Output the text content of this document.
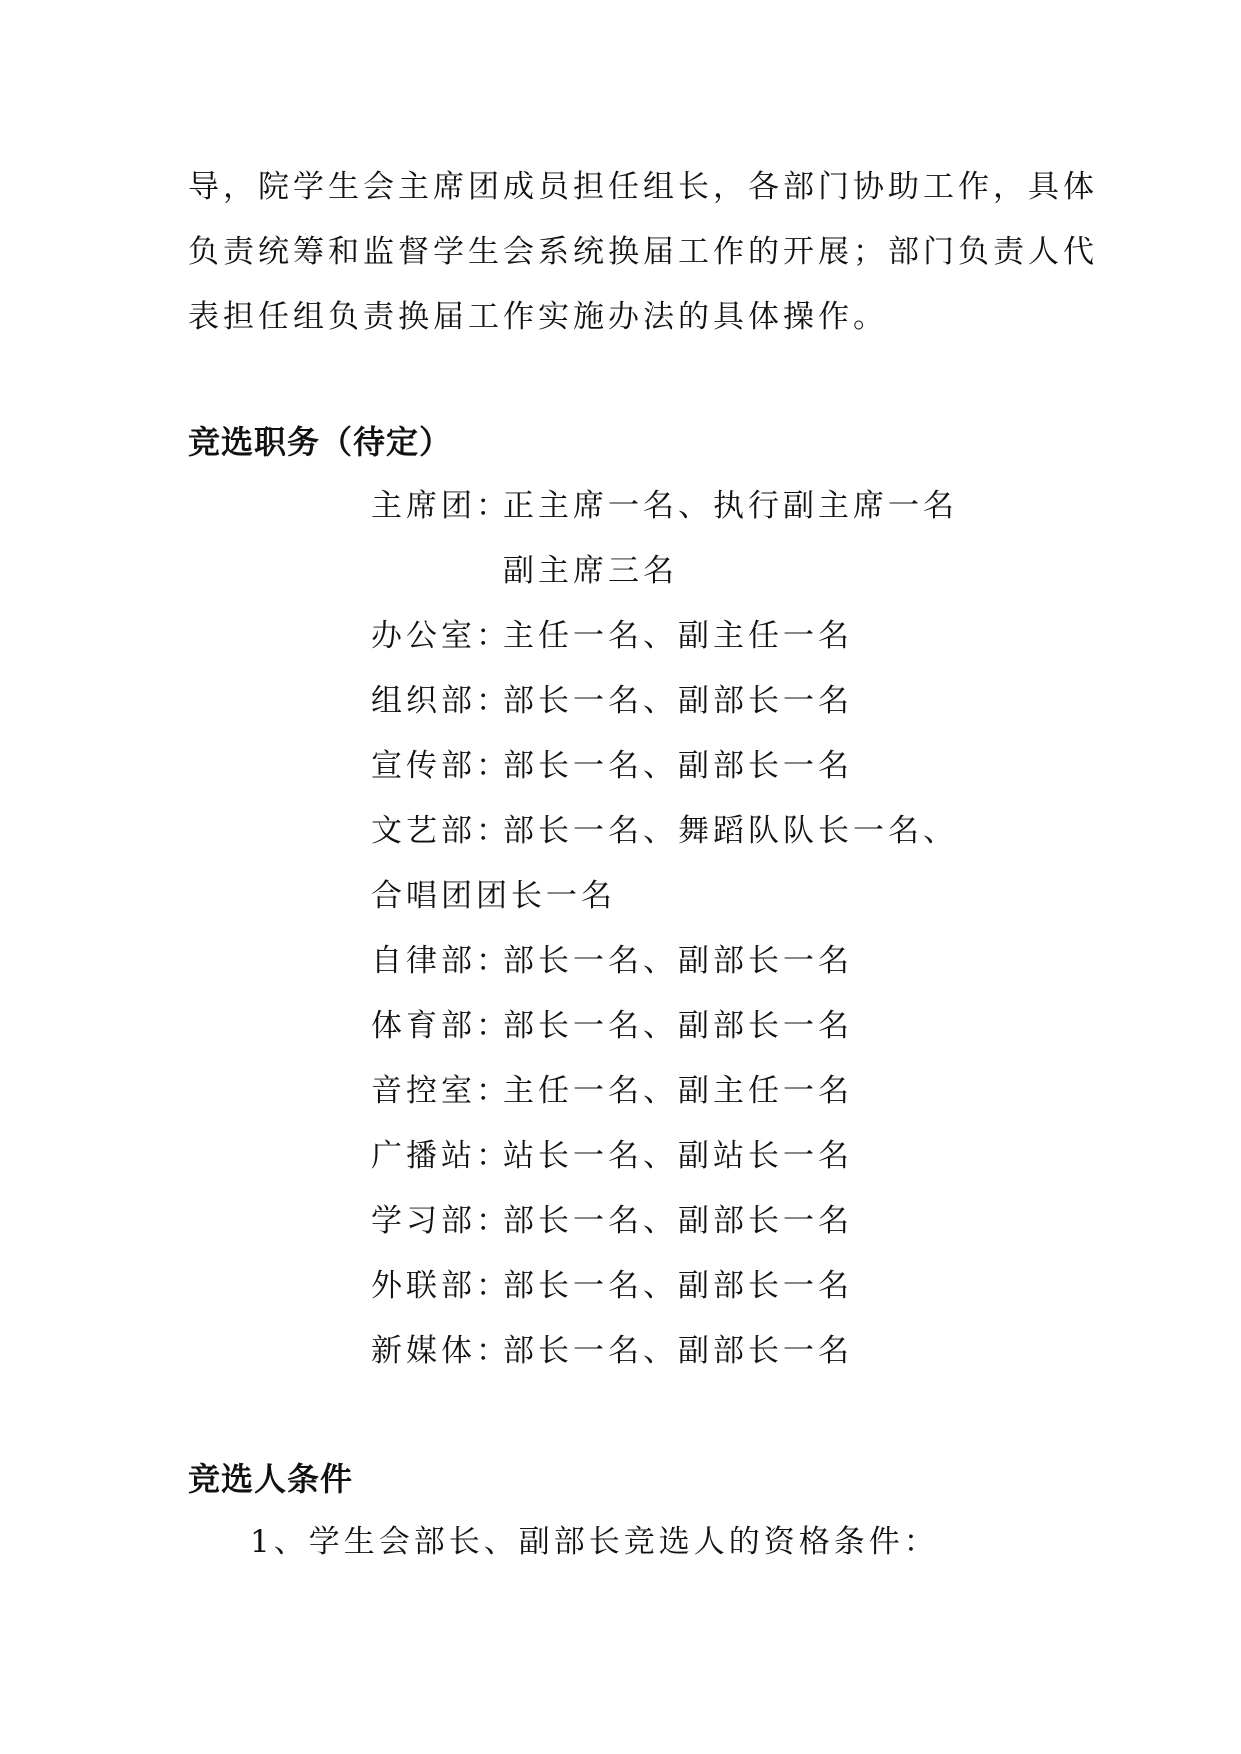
导，院学生会主席团成员担任组长，各部门协助工作，具体
负责统筹和监督学生会系统换届工作的开展；部门负责人代
表担任组负责换届工作实施办法的具体操作。
竞选职务（待定）
主席团：
正主席一名、执行副主席一名
副主席三名
办公室：
主任一名、副主任一名
组织部：
部长一名、副部长一名
宣传部：
部长一名、副部长一名
文艺部：
部长一名、舞蹈队队长一名、
合唱团团长一名
自律部：
部长一名、副部长一名
体育部：
部长一名、副部长一名
音控室：
主任一名、副主任一名
广播站：
站长一名、副站长一名
学习部：
部长一名、副部长一名
外联部：
部长一名、副部长一名
新媒体：
部长一名、副部长一名
竞选人条件
1、学生会部长、副部长竞选人的资格条件：
